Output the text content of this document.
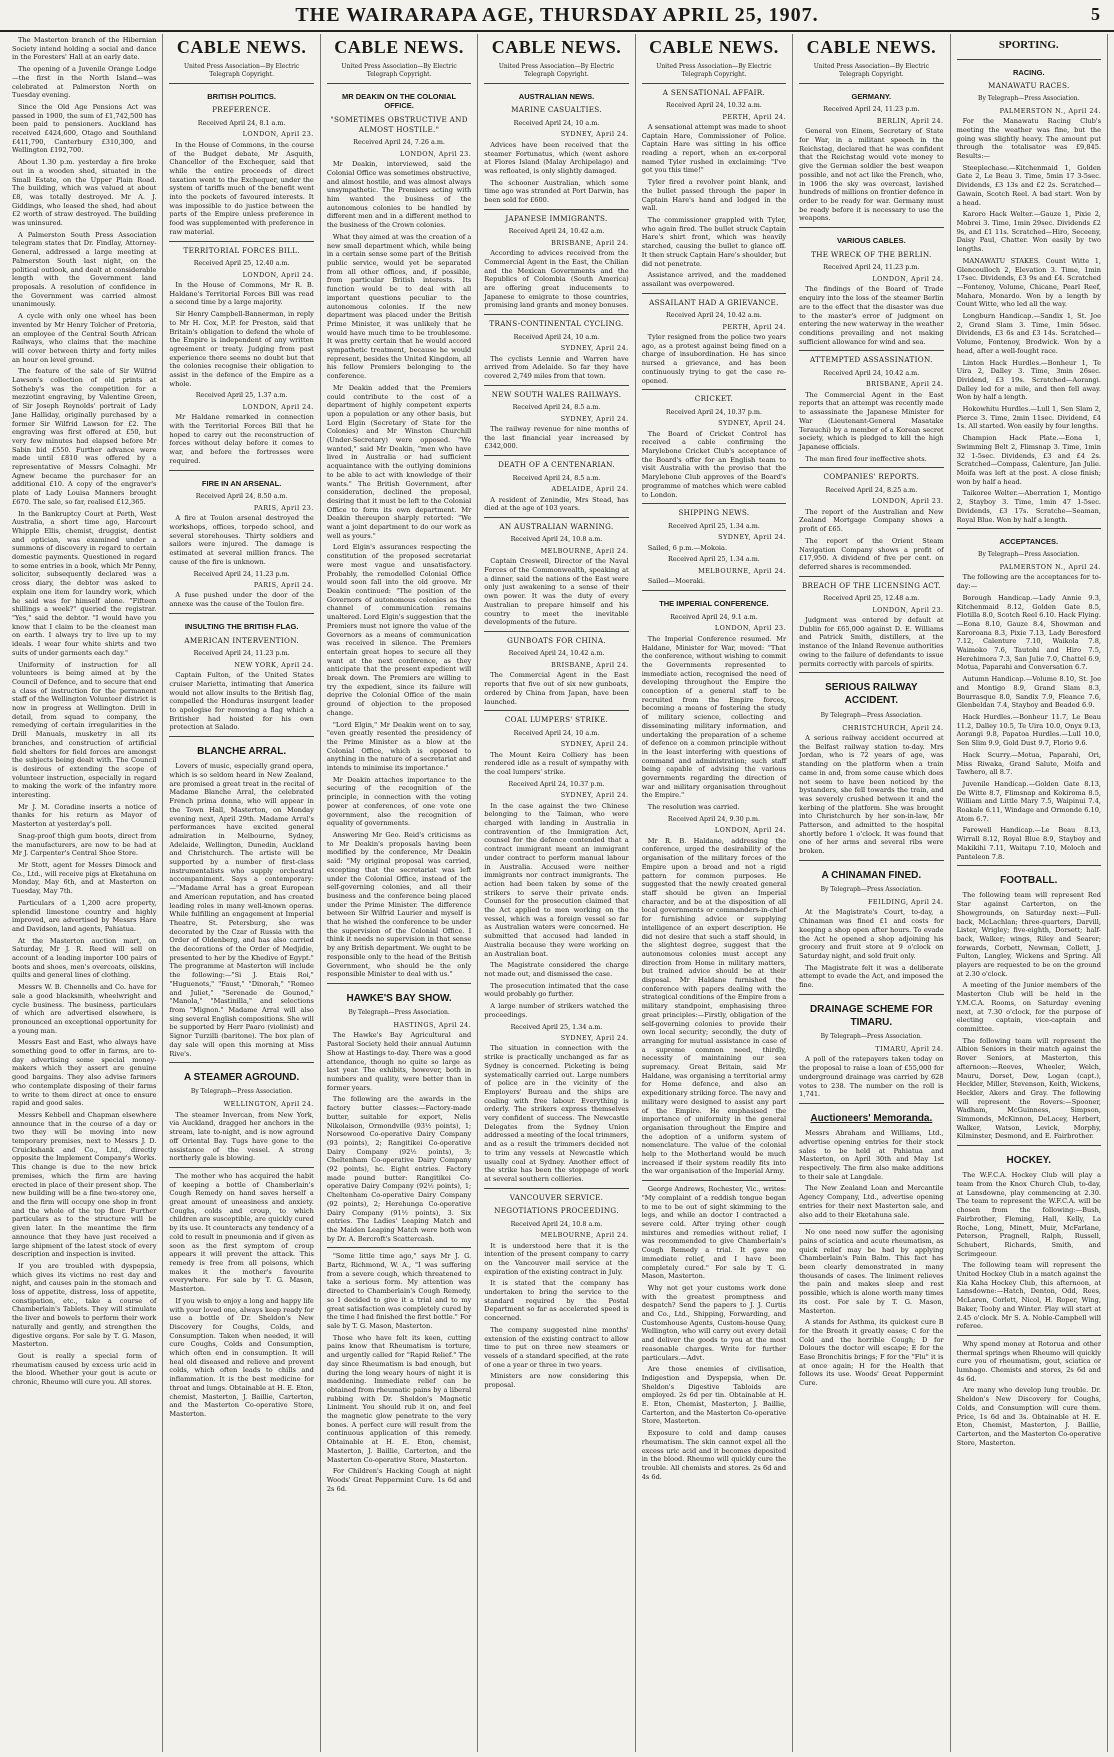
THE WAIRARAPA AGE, THURSDAY APRIL 25, 1907.	5

The Masterton branch of the Hibernian Society intend holding a social and dance in the Foresters' Hall at an early date.

The opening of a Juvenile Orange Lodge—the first in the North Island—was celebrated at Palmerston North on Tuesday evening.

Since the Old Age Pensions Act was passed in 1900, the sum of £1,742,500 has been paid to pensioners. Auckland has received £424,600, Otago and Southland £411,790, Canterbury £310,300, and Wellington £192,700.

About 1.30 p.m. yesterday a fire broke out in a wooden shed, situated in the Small Estate, on the Upper Plain Road. The building, which was valued at about £8, was totally destroyed. Mr A. J. Giddings, who leased the shed, had about £2 worth of straw destroyed. The building was uninsured.

A Palmerston South Press Association telegram states that Dr. Findlay, Attorney-General, addressed a large meeting at Palmerston South last night, on the political outlook, and dealt at considerable length with the Government land proposals. A resolution of confidence in the Government was carried almost unanimously.

A cycle with only one wheel has been invented by Mr Henry Tolcher of Pretoria, an employee of the Central South African Railways, who claims that the machine will cover between thirty and forty miles an hour on level ground.

The feature of the sale of Sir Wilfrid Lawson's collection of old prints at Sotheby's was the competition for a mezzotint engraving, by Valentine Green, of Sir Joseph Reynolds' portrait of Lady Jane Halliday, originally purchased by a former Sir Wilfrid Lawson for £2. The engraving was first offered at £50, but very few minutes had elapsed before Mr Sabin bid £550. Further advance were made until £810 was offered by a representative of Messrs Colnaghi. Mr Agnew became the purchaser for an additional £10. A copy of the engraver's plate of Lady Louisa Manners brought £670. The sale, so far, realised £12,365.

In the Bankruptcy Court at Perth, West Australia, a short time ago, Harcourt Whipple Ellis, chemist, druggist, dentist and optician, was examined under a summons of discovery in regard to certain domestic payments. Questioned in regard to some entries in a book, which Mr Penny, solicitor, subsequently declared was a cross diary, the debtor was asked to explain one item for laundry work, which he said was for himself alone. "Fifteen shillings a week?" queried the registrar. "Yes," said the debtor. "I would have you know that I claim to be the cleanest man on earth. I always try to live up to my ideals. I wear four white shirts and two suits of under garments each day."

Uniformity of instruction for all volunteers is being aimed at by the Council of Defence, and to secure that end a class of instruction for the permanent staff of the Wellington Volunteer district is now in progress at Wellington. Drill in detail, from squad to company, the remedying of certain irregularities in the Drill Manuals, musketry in all its branches, and construction of artificial field shelters for field forces are amongst the subjects being dealt with. The Council is desirous of extending the scope of volunteer instruction, especially in regard to making the work of the infantry more interesting.

Mr J. M. Coradine inserts a notice of thanks for his return as Mayor of Masterton at yesterday's poll.

Snag-proof thigh gum boots, direct from the manufacturers, are now to be had at Mr J. Carpenter's Central Shoe Store.

Mr Stott, agent for Messrs Dimock and Co., Ltd., will receive pigs at Eketahuna on Monday, May 6th, and at Masterton on Tuesday, May 7th.

Particulars of a 1,200 acre property, splendid limestone country and highly improved, are advertised by Messrs Hare and Davidson, land agents, Pahiatua.

At the Masterton auction mart, on Saturday, Mr J. R. Reed will sell on account of a leading importer 100 pairs of boots and shoes, men's overcoats, oilskins, quilts and general lines of clothing.

Messrs W. B. Chennells and Co. have for sale a good blacksmith, wheelwright and cycle business. The business, particulars of which are advertised elsewhere, is pronounced an exceptional opportunity for a young man.

Messrs East and East, who always have something good to offer in farms, are to-day advertising some special money-makers which they assert are genuine good bargains. They also advise farmers who contemplate disposing of their farms to write to them direct at once to ensure rapid and good sales.

Messrs Kebbell and Chapman elsewhere announce that in the course of a day or two they will be moving into new temporary premises, next to Messrs J. D. Cruickshank and Co., Ltd., directly opposite the Implement Company's Works. This change is due to the new brick premises, which the firm are having erected in place of their present shop. The new building will be a fine two-storey one, and the firm will occupy one shop in front and the whole of the top floor. Further particulars as to the structure will be given later. In the meantime the firm announce that they have just received a large shipment of the latest stock of every description and inspection is invited.

If you are troubled with dyspepsia, which gives its victims no rest day and night, and causes pain in the stomach and loss of appetite, distress, loss of appetite, constipation, etc., take a course of Chamberlain's Tablets. They will stimulate the liver and bowels to perform their work naturally and gently, and strengthen the digestive organs. For sale by T. G. Mason, Masterton.

Gout is really a special form of rheumatism caused by excess uric acid in the blood. Whether your gout is acute or chronic, Rheumo will cure you. All stores.

CABLE NEWS.
United Press Association—By Electric Telegraph Copyright.
BRITISH POLITICS.
PREFERENCE.
Received April 24, 8.1 a.m.
LONDON, April 23.

In the House of Commons, in the course of the Budget debate, Mr Asquith, Chancellor of the Exchequer, said that while the entire proceeds of direct taxation went to the Exchequer, under the system of tariffs much of the benefit went into the pockets of favoured interests. It was impossible to do justice between the parts of the Empire unless preference in food was supplemented with preference in raw material.

TERRITORIAL FORCES BILL.
Received April 25, 12.40 a.m.
LONDON, April 24.

In the House of Commons, Mr R. B. Haldane's Territorial Forces Bill was read a second time by a large majority.

Sir Henry Campbell-Bannerman, in reply to Mr H. Cox, M.P. for Preston, said that Britain's obligation to defend the whole of the Empire is independent of any written agreement or treaty. Judging from past experience there seems no doubt but that the colonies recognise their obligation to assist in the defence of the Empire as a whole.

Received April 25, 1.37 a.m.
LONDON, April 24.

Mr Haldane remarked in connection with the Territorial Forces Bill that he hoped to carry out the reconstruction of forces without delay before it comes to war, and before the fortresses were required.

FIRE IN AN ARSENAL.
Received April 24, 8.50 a.m.
PARIS, April 23.

A fire at Toulon arsenal destroyed the workshops, offices, torpedo school, and several storehouses. Thirty soldiers and sailors were injured. The damage is estimated at several million francs. The cause of the fire is unknown.

Received April 24, 11.23 p.m.
PARIS, April 24.

A fuse pushed under the door of the annexe was the cause of the Toulon fire.

INSULTING THE BRITISH FLAG.
AMERICAN INTERVENTION.
Received April 24, 11.23 p.m.
NEW YORK, April 24.

Captain Fulton, of the United States cruiser Marietta, intimating that America would not allow insults to the British flag, compelled the Honduras insurgent leader to apologise for removing a flag which a Britisher had hoisted for his own protection at Salado.

BLANCHE ARRAL.

Lovers of music, especially grand opera, which is so seldom heard in New Zealand, are promised a great treat in the recital of Madame Blanche Arral, the celebrated French prima donna, who will appear in the Town Hall, Masterton, on Monday evening next, April 29th. Madame Arral's performances have excited general admiration in Melbourne, Sydney, Adelaide, Wellington, Dunedin, Auckland and Christchurch. The artiste will be supported by a number of first-class instrumentalists who supply orchestral accompaniment. Says a contemporary:—"Madame Arral has a great European and American reputation, and has created leading roles in many well-known operas. While fulfilling an engagement at Imperial Theatre, St. Petersburg, she was decorated by the Czar of Russia with the Order of Oldenberg, and has also carried the decorations of the Order of Medjidie, presented to her by the Khedive of Egypt." The programme at Masterton will include the following:—"Si J. Etais Roi," "Huguenots," "Faust," "Dinorah," "Romeo and Juliet," "Serenade de Gounod," "Manola," "Mastinilla," and selections from "Mignon." Madame Arral will also sing several English compositions. She will be supported by Herr Paaro (violinist) and Signor Turzilli (baritone). The box plan of day sale will open this morning at Miss Rive's.

A STEAMER AGROUND.
By Telegraph—Press Association.
WELLINGTON, April 24.

The steamer Invercan, from New York, via Auckland, dragged her anchors in the stream, late to-night, and is now aground off Oriental Bay. Tugs have gone to the assistance of the vessel. A strong northerly gale is blowing.

The mother who has acquired the habit of keeping a bottle of Chamberlain's Cough Remedy on hand saves herself a great amount of uneasiness and anxiety. Coughs, colds and croup, to which children are susceptible, are quickly cured by its use. It counteracts any tendency of a cold to result in pneumonia and if given as soon as the first symptom of croup appears it will prevent the attack. This remedy is free from all poisons, which makes it the mother's favourite everywhere. For sale by T. G. Mason, Masterton.

If you wish to enjoy a long and happy life with your loved one, always keep ready for use a bottle of Dr. Sheldon's New Discovery for Coughs, Colds, and Consumption. Taken when needed, it will cure Coughs, Colds and Consumption, which often end in consumption. It will heal old diseased and relieve and prevent colds, which often leads to chills and inflammation. It is the best medicine for throat and lungs. Obtainable at H. E. Eton, chemist, Masterton, J. Baillie, Carterton, and the Masterton Co-operative Store, Masterton.

CABLE NEWS.
United Press Association—By Electric Telegraph Copyright.
MR DEAKIN ON THE COLONIAL OFFICE.
"SOMETIMES OBSTRUCTIVE AND ALMOST HOSTILE."
Received April 24, 7.26 a.m.
LONDON, April 23.

Mr Deakin, interviewed, said the Colonial Office was sometimes obstructive, and almost hostile, and was almost always unsympathetic. The Premiers acting with him wanted the business of the autonomous colonies to be handled by different men and in a different method to the business of the Crown colonies.

What they aimed at was the creation of a new small department which, while being in a certain sense some part of the British public service, would yet be separated from all other offices, and, if possible, from particular British interests. Its function would be to deal with all important questions peculiar to the autonomous colonies. If the new department was placed under the British Prime Minister, it was unlikely that he would have much time to be troublesome. It was pretty certain that he would accord sympathetic treatment, because he would represent, besides the United Kingdom, all his fellow Premiers belonging to the conference.

Mr Deakin added that the Premiers could contribute to the cost of a department of highly competent experts upon a population or any other basis, but Lord Elgin (Secretary of State for the Colonies) and Mr Winston Churchill (Under-Secretary) were opposed. "We wanted," said Mr Deakin, "men who have lived in Australia or had sufficient acquaintance with the outlying dominions to be able to act with knowledge of their wants." The British Government, after consideration, declined the proposal, desiring that it must be left to the Colonial Office to form its own department. Mr Deakin thereupon sharply retorted: "We want a joint department to do our work as well as yours."

Lord Elgin's assurances respecting the constitution of the proposed secretariat were most vague and unsatisfactory. Probably, the remodelled Colonial Office would soon fall into the old groove. Mr Deakin continued: "The position of the Governors of autonomous colonies as the channel of communication remains unaltered. Lord Elgin's suggestion that the Premiers must not ignore the value of the Governors as a means of communication was received in silence. The Premiers entertain great hopes to secure all they want at the next conference, as they anticipate that the present expedient will break down. The Premiers are willing to try the expedient, since its failure will deprive the Colonial Office of the main ground of objection to the proposed change.

"Lord Elgin," Mr Deakin went on to say, "even greatly resented the presidency of the Prime Minister as a blow at the Colonial Office, which is opposed to anything in the nature of a secretariat and intends to minimise its importance."

Mr Deakin attaches importance to the securing of the recognition of the principle, in connection with the voting power at conferences, of one vote one government, also the recognition of equality of governments.

Answering Mr Geo. Reid's criticisms as to Mr Deakin's proposals having been modified by the conference, Mr Deakin said: "My original proposal was carried, excepting that the secretariat was left under the Colonial Office, instead of the self-governing colonies, and all their business and the conference being placed under the Prime Minister. The difference between Sir Wilfrid Laurier and myself is that he wished the conference to be under the supervision of the Colonial Office. I think it needs no supervision in that sense by any British department. We ought to be responsible only to the head of the British Government, who should be the only responsible Minister to deal with us."

HAWKE'S BAY SHOW.
By Telegraph—Press Association.
HASTINGS, April 24.

The Hawke's Bay Agricultural and Pastoral Society held their annual Autumn Show at Hastings to-day. There was a good attendance, though no quite so large as last year. The exhibits, however, both in numbers and quality, were better than in former years.

The following are the awards in the factory butter classes:—Factory-made butter, suitable for export, Nelis Nikolaison, Ormondville (93½ points), 1; Norsewood Co-operative Dairy Company (93 points), 2; Rangitikei Co-operative Dairy Company (92½ points), 3; Cheltenham Co-operative Dairy Company (92 points), hc. Eight entries. Factory made pound butter: Rangitikei Co-operative Dairy Company (92½ points), 1; Cheltenham Co-operative Dairy Company (92 points), 2; Herehunga Co-operative Dairy Company (91½ points), 3. Six entries. The Ladies' Leaping Match and the Maiden Leaping Match were both won by Dr. A. Bercroft's Scattercash.

"Some little time ago," says Mr J. G. Bartz, Richmond, W. A., "I was suffering from a severe cough, which threatened to take a serious form. My attention was directed to Chamberlain's Cough Remedy, so I decided to give it a trial and to my great satisfaction was completely cured by the time I had finished the first bottle." For sale by T. G. Mason, Masterton.

Those who have felt its keen, cutting pains know that Rheumatism is torture, and urgently called for "Rapid Relief." The day since Rheumatism is bad enough, but during the long weary hours of night it is maddening. Immediate relief can be obtained from rheumatic pains by a liberal rubbing with Dr. Sheldon's Magnetic Liniment. You should rub it on, and feel the magnetic glow penetrate to the very bones. A perfect cure will result from the continuous application of this remedy. Obtainable at H. E. Eton, chemist, Masterton, J. Baillie, Carterton, and the Masterton Co-operative Store, Masterton.

For Children's Hacking Cough at night Woods' Great Peppermint Cure. 1s 6d and 2s 6d.

CABLE NEWS.
United Press Association—By Electric Telegraph Copyright.
AUSTRALIAN NEWS.
MARINE CASUALTIES.
Received April 24, 10 a.m.
SYDNEY, April 24.

Advices have been received that the steamer Fortunatus, which (went ashore at Flores Island (Malay Archipelago) and was refloated, is only slightly damaged.

The schooner Australian, which some time ago was stranded at Port Darwin, has been sold for £600.

JAPANESE IMMIGRANTS.
Received April 24, 10.42 a.m.
BRISBANE, April 24.

According to advices received from the Commercial Agent in the East, the Chilian and the Mexican Governments and the Republics of Colombia (South America) are offering great inducements to Japanese to emigrate to those countries, promising land grants and money bonuses.

TRANS-CONTINENTAL CYCLING.
Received April 24, 10 a.m.
SYDNEY, April 24.

The cyclists Lennie and Warren have arrived from Adelaide. So far they have covered 2,749 miles from that town.

NEW SOUTH WALES RAILWAYS.
Received April 24, 8.5 a.m.
SYDNEY, April 24.

The railway revenue for nine months of the last financial year increased by £342,000.

DEATH OF A CENTENARIAN.
Received April 24, 8.5 a.m.
ADELAIDE, April 24.

A resident of Zenindie, Mrs Stead, has died at the age of 103 years.

AN AUSTRALIAN WARNING.
Received April 24, 10.8 a.m.
MELBOURNE, April 24.

Captain Creswell, Director of the Naval Forces of the Commonwealth, speaking at a dinner, said the nations of the East were only just awakening to a sense of their own power. It was the duty of every Australian to prepare himself and his country to meet the inevitable developments of the future.

GUNBOATS FOR CHINA.
Received April 24, 10.42 a.m.
BRISBANE, April 24.

The Commercial Agent in the East reports that five out of six new gunboats, ordered by China from Japan, have been launched.

COAL LUMPERS' STRIKE.
Received April 24, 10 a.m.
SYDNEY, April 24.

The Mount Keira Colliery has been rendered idle as a result of sympathy with the coal lumpers' strike.

Received April 24, 10.37 p.m.
SYDNEY, April 24.

In the case against the two Chinese belonging to the Taiman, who were charged with landing in Australia in contravention of the Immigration Act, counsel for the defence contended that a contract immigrant meant an immigrant under contract to perform manual labour in Australia. Accused were neither immigrants nor contract immigrants. The action had been taken by some of the strikers to serve their private ends. Counsel for the prosecution claimed that the Act applied to men working on the vessel, which was a foreign vessel so far as Australian waters were concerned. He submitted that accused had landed in Australia because they were working on an Australian boat.

The Magistrate considered the charge not made out, and dismissed the case.

The prosecution intimated that the case would probably go further.

A large number of strikers watched the proceedings.

Received April 25, 1.34 a.m.
SYDNEY, April 24.

The situation in connection with the strike is practically unchanged as far as Sydney is concerned. Picketing is being systematically carried out. Large numbers of police are in the vicinity of the Employers' Bureau and the ships are coaling with free labour. Everything is orderly. The strikers express themselves very confident of success. The Newcastle Delegates from the Sydney Union addressed a meeting of the local trimmers, and as a result the trimmers decided not to trim any vessels at Newcastle which usually coal at Sydney. Another effect of the strike has been the stoppage of work at several southern collieries.

VANCOUVER SERVICE.
NEGOTIATIONS PROCEEDING.
Received April 24, 10.8 a.m.
MELBOURNE, April 24.

It is understood here that it is the intention of the present company to carry on the Vancouver mail service at the expiration of the existing contract in July.

It is stated that the company has undertaken to bring the service to the standard required by the Postal Department so far as accelerated speed is concerned.

The company suggested nine months' extension of the existing contract to allow time to put on three new steamers or vessels of a standard specified, at the rate of one a year or three in two years.

Ministers are now considering this proposal.

CABLE NEWS.
United Press Association—By Electric Telegraph Copyright.
A SENSATIONAL AFFAIR.
Received April 24, 10.32 a.m.
PERTH, April 24.

A sensational attempt was made to shoot Captain Hare, Commissioner of Police. Captain Hare was sitting in his office reading a report, when an ex-corporal named Tyler rushed in exclaiming: "I've got you this time!"

Tyler fired a revolver point blank, and the bullet passed through the paper in Captain Hare's hand and lodged in the wall.

The commissioner grappled with Tyler, who again fired. The bullet struck Captain Hare's shirt front, which was heavily starched, causing the bullet to glance off. It then struck Captain Hare's shoulder, but did not penetrate.

Assistance arrived, and the maddened assailant was overpowered.

ASSAILANT HAD A GRIEVANCE.
Received April 24, 10.42 a.m.
PERTH, April 24.

Tyler resigned from the police two years ago, as a protest against being fined on a charge of insubordination. He has since nursed a grievance, and has been continuously trying to get the case re-opened.

CRICKET.
Received April 24, 10.37 p.m.
SYDNEY, April 24.

The Board of Cricket Control has received a cable confirming the Marylebone Cricket Club's acceptance of the Board's offer for an English team to visit Australia with the proviso that the Marylebone Club approves of the Board's programme of matches which were cabled to London.

SHIPPING NEWS.
Received April 25, 1.34 a.m.
SYDNEY, April 24.

Sailed, 6 p.m.—Mokoia.

Received April 25, 1.34 a.m.
MELBOURNE, April 24.

Sailed—Moeraki.

THE IMPERIAL CONFERENCE.
Received April 24, 9.1 a.m.
LONDON, April 23.

The Imperial Conference resumed. Mr Haldane, Minister for War, moved: "That the conference, without wishing to commit the Governments represented to immediate action, recognised the need of developing throughout the Empire the conception of a general staff to be recruited from the Empire forces, becoming a means of fostering the study of military science, collecting and disseminating military information, and undertaking the preparation of a scheme of defence on a common principle without in the least interfering with questions of command and administration; such staff being capable of advising the various governments regarding the direction of war and military organisation throughout the Empire."

The resolution was carried.

Received April 24, 9.30 p.m.
LONDON, April 24.

Mr R. B. Haldane, addressing the conference, urged the desirability of the organisation of the military forces of the Empire upon a broad and not a rigid pattern for common purposes. He suggested that the newly created general staff should be given an Imperial character, and be at the disposition of all local governments or commanders-in-chief for furnishing advice or supplying intelligence of an expert description. He did not desire that such a staff should, in the slightest degree, suggest that the autonomous colonies must accept any direction from Home in military matters, but trained advice should be at their disposal. Mr Haldane furnished the conference with papers dealing with the strategical conditions of the Empire from a military standpoint, emphasising three great principles:—Firstly, obligation of the self-governing colonies to provide their own local security; secondly, the duty of arranging for mutual assistance in case of a supreme common need, thirdly, necessity of maintaining our sea supremacy. Great Britain, said Mr Haldane, was organising a territorial army for Home defence, and also an expeditionary striking force. The navy and military were designed to assist any part of the Empire. He emphasised the importance of uniformity in the general organisation throughout the Empire and the adoption of a uniform system of nomenclature. The value of the colonial help to the Motherland would be much increased if their system readily fits into the war organisation of the Imperial Army.

George Andrews, Rochester, Vic., writes: "My complaint of a reddish tongue began to me to be out of sight skimming to the legs, and while an doctor I contracted a severe cold. After trying other cough mixtures and remedies without relief, I was recommended to give Chamberlain's Cough Remedy a trial. It gave me immediate relief, and I have been completely cured." For sale by T. G. Mason, Masterton.

Why not get your customs work done with the greatest promptness and despatch? Send the papers to J. J. Curtis and Co., Ltd., Shipping, Forwarding, and Customhouse Agents, Custom-house Quay, Wellington, who will carry out every detail and deliver the goods to you at the most reasonable charges. Write for further particulars.—Advt.

Are those enemies of civilisation, Indigestion and Dyspepsia, when Dr. Sheldon's Digestive Tabloids are employed. 2s 6d per tin. Obtainable at H. E. Eton, Chemist, Masterton, J. Baillie, Carterton, and the Masterton Co-operative Store, Masterton.

Exposure to cold and damp causes rheumatism. The skin cannot expel all the excess uric acid and it becomes deposited in the blood. Rheumo will quickly cure the trouble. All chemists and stores. 2s 6d and 4s 6d.

CABLE NEWS.
United Press Association—By Electric Telegraph Copyright.
GERMANY.
Received April 24, 11.23 p.m.
BERLIN, April 24.

General von Einem, Secretary of State for War, in a militant speech in the Reichstag, declared that he was confident that the Reichstag would vote money to give the German soldier the best weapon possible, and not act like the French, who, in 1906 the sky was overcast, lavished hundreds of millions on frontier defence in order to be ready for war. Germany must be ready before it is necessary to use the weapons.

VARIOUS CABLES.
THE WRECK OF THE BERLIN.
Received April 24, 11.23 p.m.
LONDON, April 24.

The findings of the Board of Trade enquiry into the loss of the steamer Berlin are to the effect that the disaster was due to the master's error of judgment on entering the new waterway in the weather conditions prevailing and not making sufficient allowance for wind and sea.

ATTEMPTED ASSASSINATION.
Received April 24, 10.42 a.m.
BRISBANE, April 24.

The Commercial Agent in the East reports that an attempt was recently made to assassinate the Japanese Minister for War (Lieutenant-General Masatake Terauchi) by a member of a Korean secret society, which is pledged to kill the high Japanese officials.

The man fired four ineffective shots.

COMPANIES' REPORTS.
Received April 24, 8.25 a.m.
LONDON, April 23.

The report of the Australian and New Zealand Mortgage Company shows a profit of £65.

The report of the Orient Steam Navigation Company shows a profit of £17,950. A dividend of five per cent. on deferred shares is recommended.

BREACH OF THE LICENSING ACT.
Received April 25, 12.48 a.m.
LONDON, April 23.

Judgment was entered by default at Dublin for £65,000 against D. E. Williams and Patrick Smith, distillers, at the instance of the Inland Revenue authorities owing to the failure of defendants to issue permits correctly with parcels of spirits.

SERIOUS RAILWAY ACCIDENT.
By Telegraph—Press Association.
CHRISTCHURCH, April 24.

A serious railway accident occurred at the Belfast railway station to-day. Mrs Jordan, who is 72 years of age, was standing on the platform when a train came in and, from some cause which does not seem to have been noticed by the bystanders, she fell towards the train, and was severely crushed between it and the kerbing of the platform. She was brought into Christchurch by her son-in-law, Mr Patterson, and admitted to the hospital shortly before 1 o'clock. It was found that one of her arms and several ribs were broken.

A CHINAMAN FINED.
By Telegraph—Press Association.
FEILDING, April 24.

At the Magistrate's Court, to-day, a Chinaman was fined £1 and costs for keeping a shop open after hours. To evade the Act he opened a shop adjoining his grocery and fruit store at 9 o'clock on Saturday night, and sold fruit only.

The Magistrate felt it was a deliberate attempt to evade the Act, and imposed the fine.

DRAINAGE SCHEME FOR TIMARU.
By Telegraph—Press Association.
TIMARU, April 24.

A poll of the ratepayers taken today on the proposal to raise a loan of £55,000 for underground drainage was carried by 628 votes to 238. The number on the roll is 1,741.

Auctioneers' Memoranda.

Messrs Abraham and Williams, Ltd., advertise opening entries for their stock sales to be held at Pahiatua and Masterton, on April 30th and May 1st respectively. The firm also make additions to their sale at Langdale.

The New Zealand Loan and Mercantile Agency Company, Ltd., advertise opening entries for their next Masterton sale, and also add to their Eketahuna sale.

No one need now suffer the agonising pains of sciatica and acute rheumatism, as quick relief may be had by applying Chamberlain's Pain Balm. This fact has been clearly demonstrated in many thousands of cases. The liniment relieves the pain and makes sleep and rest possible, which is alone worth many times its cost. For sale by T. G. Mason, Masterton.

A stands for Asthma, its quickest cure B for the Breath it greatly eases; C for the Cold and the horrible Cough; D for Dolours the doctor will escape; E for the Ease Bronchitis brings; F for the "Flu" it is at once again; H for the Health that follows its use. Woods' Great Peppermint Cure.

SPORTING.
RACING.
MANAWATU RACES.
By Telegraph—Press Association.
PALMERSTON N., April 24.

For the Manawatu Racing Club's meeting the weather was fine, but the going was slightly heavy. The amount put through the totalisator was £9,845. Results:—

Steeplechase.—Kitchenmaid 1, Golden Gate 2, Le Beau 3. Time, 5min 17 3-5sec. Dividends, £3 13s and £2 2s. Scratched—Gawain, Scotch Reel. A bad start. Won by a head.

Karoro Hack Welter.—Gauze 1, Pixie 2, Mobrei 3. Time, 1min 29sec. Dividends £2 9s, and £1 11s. Scratched—Hiro, Seceeny, Daisy Paul, Chatter. Won easily by two lengths.

MANAWATU STAKES. Count Witte 1, Glencoulloch 2, Elevation 3. Time, 1min 17sec. Dividends, £3 9s and £4. Scratched—Fontenoy, Volume, Chicane, Pearl Reef, Mahara, Monardo. Won by a length by Count Witte, who led all the way.

Longburn Handicap.—Sandix 1, St. Joe 2, Grand Slam 3. Time, 1min 56sec. Dividends, £3 6s and £3 14s. Scratched—Volume, Fontenoy, Brodwick. Won by a head, after a well-fought race.

Linton Hack Hurdles.—Bonheur 1, Te Uira 2, Dalley 3. Time, 3min 26sec. Dividend, £3 19s. Scratched—Aorangi. Dalley led for a mile, and then fell away. Won by half a length.

Hokowhitu Hurdles.—Lull 1, Sen Slam 2, Pierce 3. Time, 2min 11sec. Dividend, £4 1s. All started. Won easily by four lengths.

Champion Hack Plate.—Eona 1, Swimming Belt 2, Flimsnap 3. Time, 1min 32 1-5sec. Dividends, £3 and £4 2s. Scratched—Compass, Calenture, Jan Julie. Moifa was left at the post. A close finish; won by half a head.

Taikoree Welter.—Aberration 1, Montigo 2, Stayboy 3. Time, 1min 47 1-5sec. Dividends, £3 17s. Scratche—Seaman, Royal Blue. Won by half a length.

ACCEPTANCES.
By Telegraph—Press Association.
PALMERSTON N., April 24.

The following are the acceptances for to-day:—

Borough Handicap.—Lady Annie 9.3, Kitchenmaid 8.12, Golden Gate 8.5, Flotilla 8.0, Scotch Reel 6.10. Hack Flying.—Eona 8.10, Gauze 8.4, Showman and Karoroana 8.3, Pixie 7.13, Lady Beresford 7.12, Calenture 7.10, Waikola 7.8, Waimoko 7.6, Tautohi and Hiro 7.5, Herehimora 7.3, San Julie 7.0, Chattel 6.9, Motua, Paparahi and Conversation 6.7.

Autumn Handicap.—Volume 8.10, St. Joe and Montigo 8.9, Grand Slam 8.3, Bourrasque 8.0, Sandix 7.9, Fleance 7.6, Glenbeldan 7.4, Stayboy and Beaded 6.9.

Hack Hurdles.—Bonheur 11.7, Le Beau 11.2, Dalley 10.5, Te Uira 10.0, Onyx 9.13, Aorangi 9.8, Papatoa Hurdles.—Lull 10.0, Sen Slim 9.9, Gold Dust 9.7, Florio 9.6.

Hack Scurry.—Motua, Paparahi, Ori, Miss Riwaka, Grand Salute, Moifa and Tawhero, all 8.7.

Juvenile Handicap.—Golden Gate 8.13, De Witte 8.7, Flimsnap and Kokiroma 8.5, William and Little Mary 7.5, Waipinui 7.4, Roakale 6.11, Windage and Ormonde 6.10, Atom 6.7.

Farewell Handicap.—Le Beau 8.13, Wirrall 8.12, Royal Blue 8.9, Stayboy and Makikihi 7.11, Waitapu 7.10, Moloch and Panteleon 7.8.

FOOTBALL.

The following team will represent Red Star against Carterton, on the Showgrounds, on Saturday next:—Full-back, McLachlan; three-quarters, Darvill, Lister, Wrigley; five-eighth, Dorsett; half-back, Walker; wings, Riley and Searer; forwards, Corbett, Newman, Collett, J. Fulton, Langley, Wickens and Spring. All players are requested to be on the ground at 2.30 o'clock.

A meeting of the Junior members of the Masterton Club will be held in the Y.M.C.A. Rooms, on Saturday evening next, at 7.30 o'clock, for the purpose of electing captain, vice-captain and committee.

The following team will represent the Albion Seniors in their match against the Rover Seniors, at Masterton, this afternoon:—Reeves, Wheeler, Welch, Mauru, Dorset, Dew, Logan (capt.), Heckler, Miller, Stevenson, Keith, Wickens, Heckler, Akers and Gray. The following will represent the Rovers:—Spooner, Wadham, McGuinness, Simpson, Simmonds, McKinnon, DeLacey, Herbert, Walker, Watson, Levick, Morphy, Kilminster, Desmond, and E. Fairbrother.

HOCKEY.

The W.F.C.A. Hockey Club will play a team from the Knox Church Club, to-day, at Lansdowne, play commencing at 2.30. The team to represent the W.F.C.A. will be chosen from the following:—Bush, Fairbrother, Fleming, Hall, Kelly, La Roche, Long, Minett, Muir, McFarlane, Peterson, Pragnell, Ralph, Russell, Schubert, Richards, Smith, and Scrimgeour.

The following team will represent the United Hockey Club in a match against the Kia Kaha Hockey Club, this afternoon, at Lansdowne:—Hatch, Denton, Odd, Rees, McLaren, Corlett, Nicol, H. Roper, Wing, Baker, Tooby and Winter. Play will start at 2.45 o'clock. Mr S. A. Noble-Campbell will referee.

Why spend money at Rotorua and other thermal springs when Rheumo will quickly cure you of rheumatism, gout, sciatica or lumbago. Chemists and stores, 2s 6d and 4s 6d.

Are many who develop lung trouble. Dr. Sheldon's New Discovery for Coughs, Colds, and Consumption will cure them. Price, 1s 6d and 3s. Obtainable at H. E. Eton, Chemist, Masterton, J. Baillie, Carterton, and the Masterton Co-operative Store, Masterton.
